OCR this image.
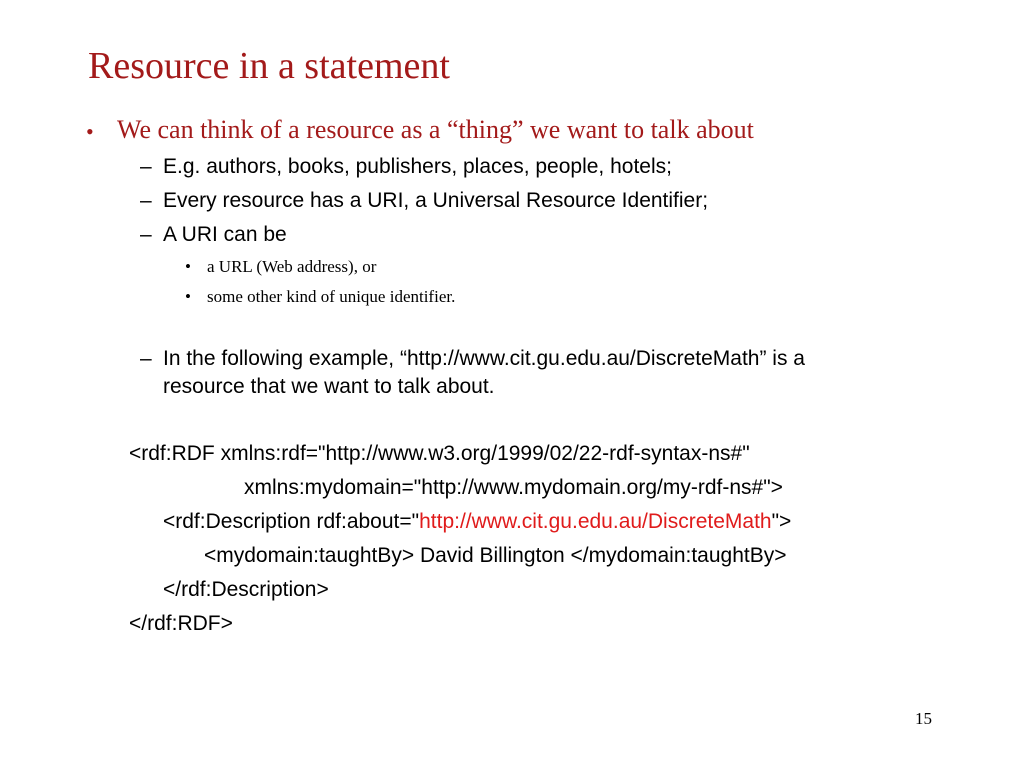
Resource in a statement
• We can think of a resource as a “thing” we want to talk about
– E.g. authors, books, publishers, places, people, hotels;
– Every resource has a URI, a Universal Resource Identifier;
– A URI can be
• a URL (Web address), or
• some other kind of unique identifier.
– In the following example, “http://www.cit.gu.edu.au/DiscreteMath” is a
resource that we want to talk about.
<rdf:RDF xmlns:rdf="http://www.w3.org/1999/02/22-rdf-syntax-ns#"
xmlns:mydomain="http://www.mydomain.org/my-rdf-ns#">
<rdf:Description rdf:about="http://www.cit.gu.edu.au/DiscreteMath">
<mydomain:taughtBy> David Billington </mydomain:taughtBy>
</rdf:Description>
</rdf:RDF>
15
